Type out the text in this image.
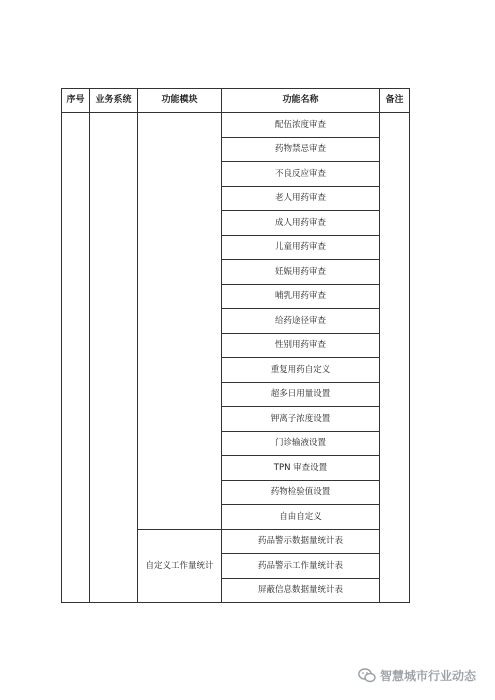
序号	业务系统	功能模块	功能名称	备注
			配伍浓度审查	
			药物禁忌审查	
			不良反应审查	
			老人用药审查	
			成人用药审查	
			儿童用药审查	
			妊娠用药审查	
			哺乳用药审查	
			给药途径审查	
			性别用药审查	
			重复用药自定义	
			超多日用量设置	
			钾离子浓度设置	
			门诊输液设置	
			TPN 审查设置	
			药物检验值设置	
			自由自定义	
		自定义工作量统计	药品警示数据量统计表	
			药品警示工作量统计表	
			屏蔽信息数据量统计表	
智慧城市行业动态
